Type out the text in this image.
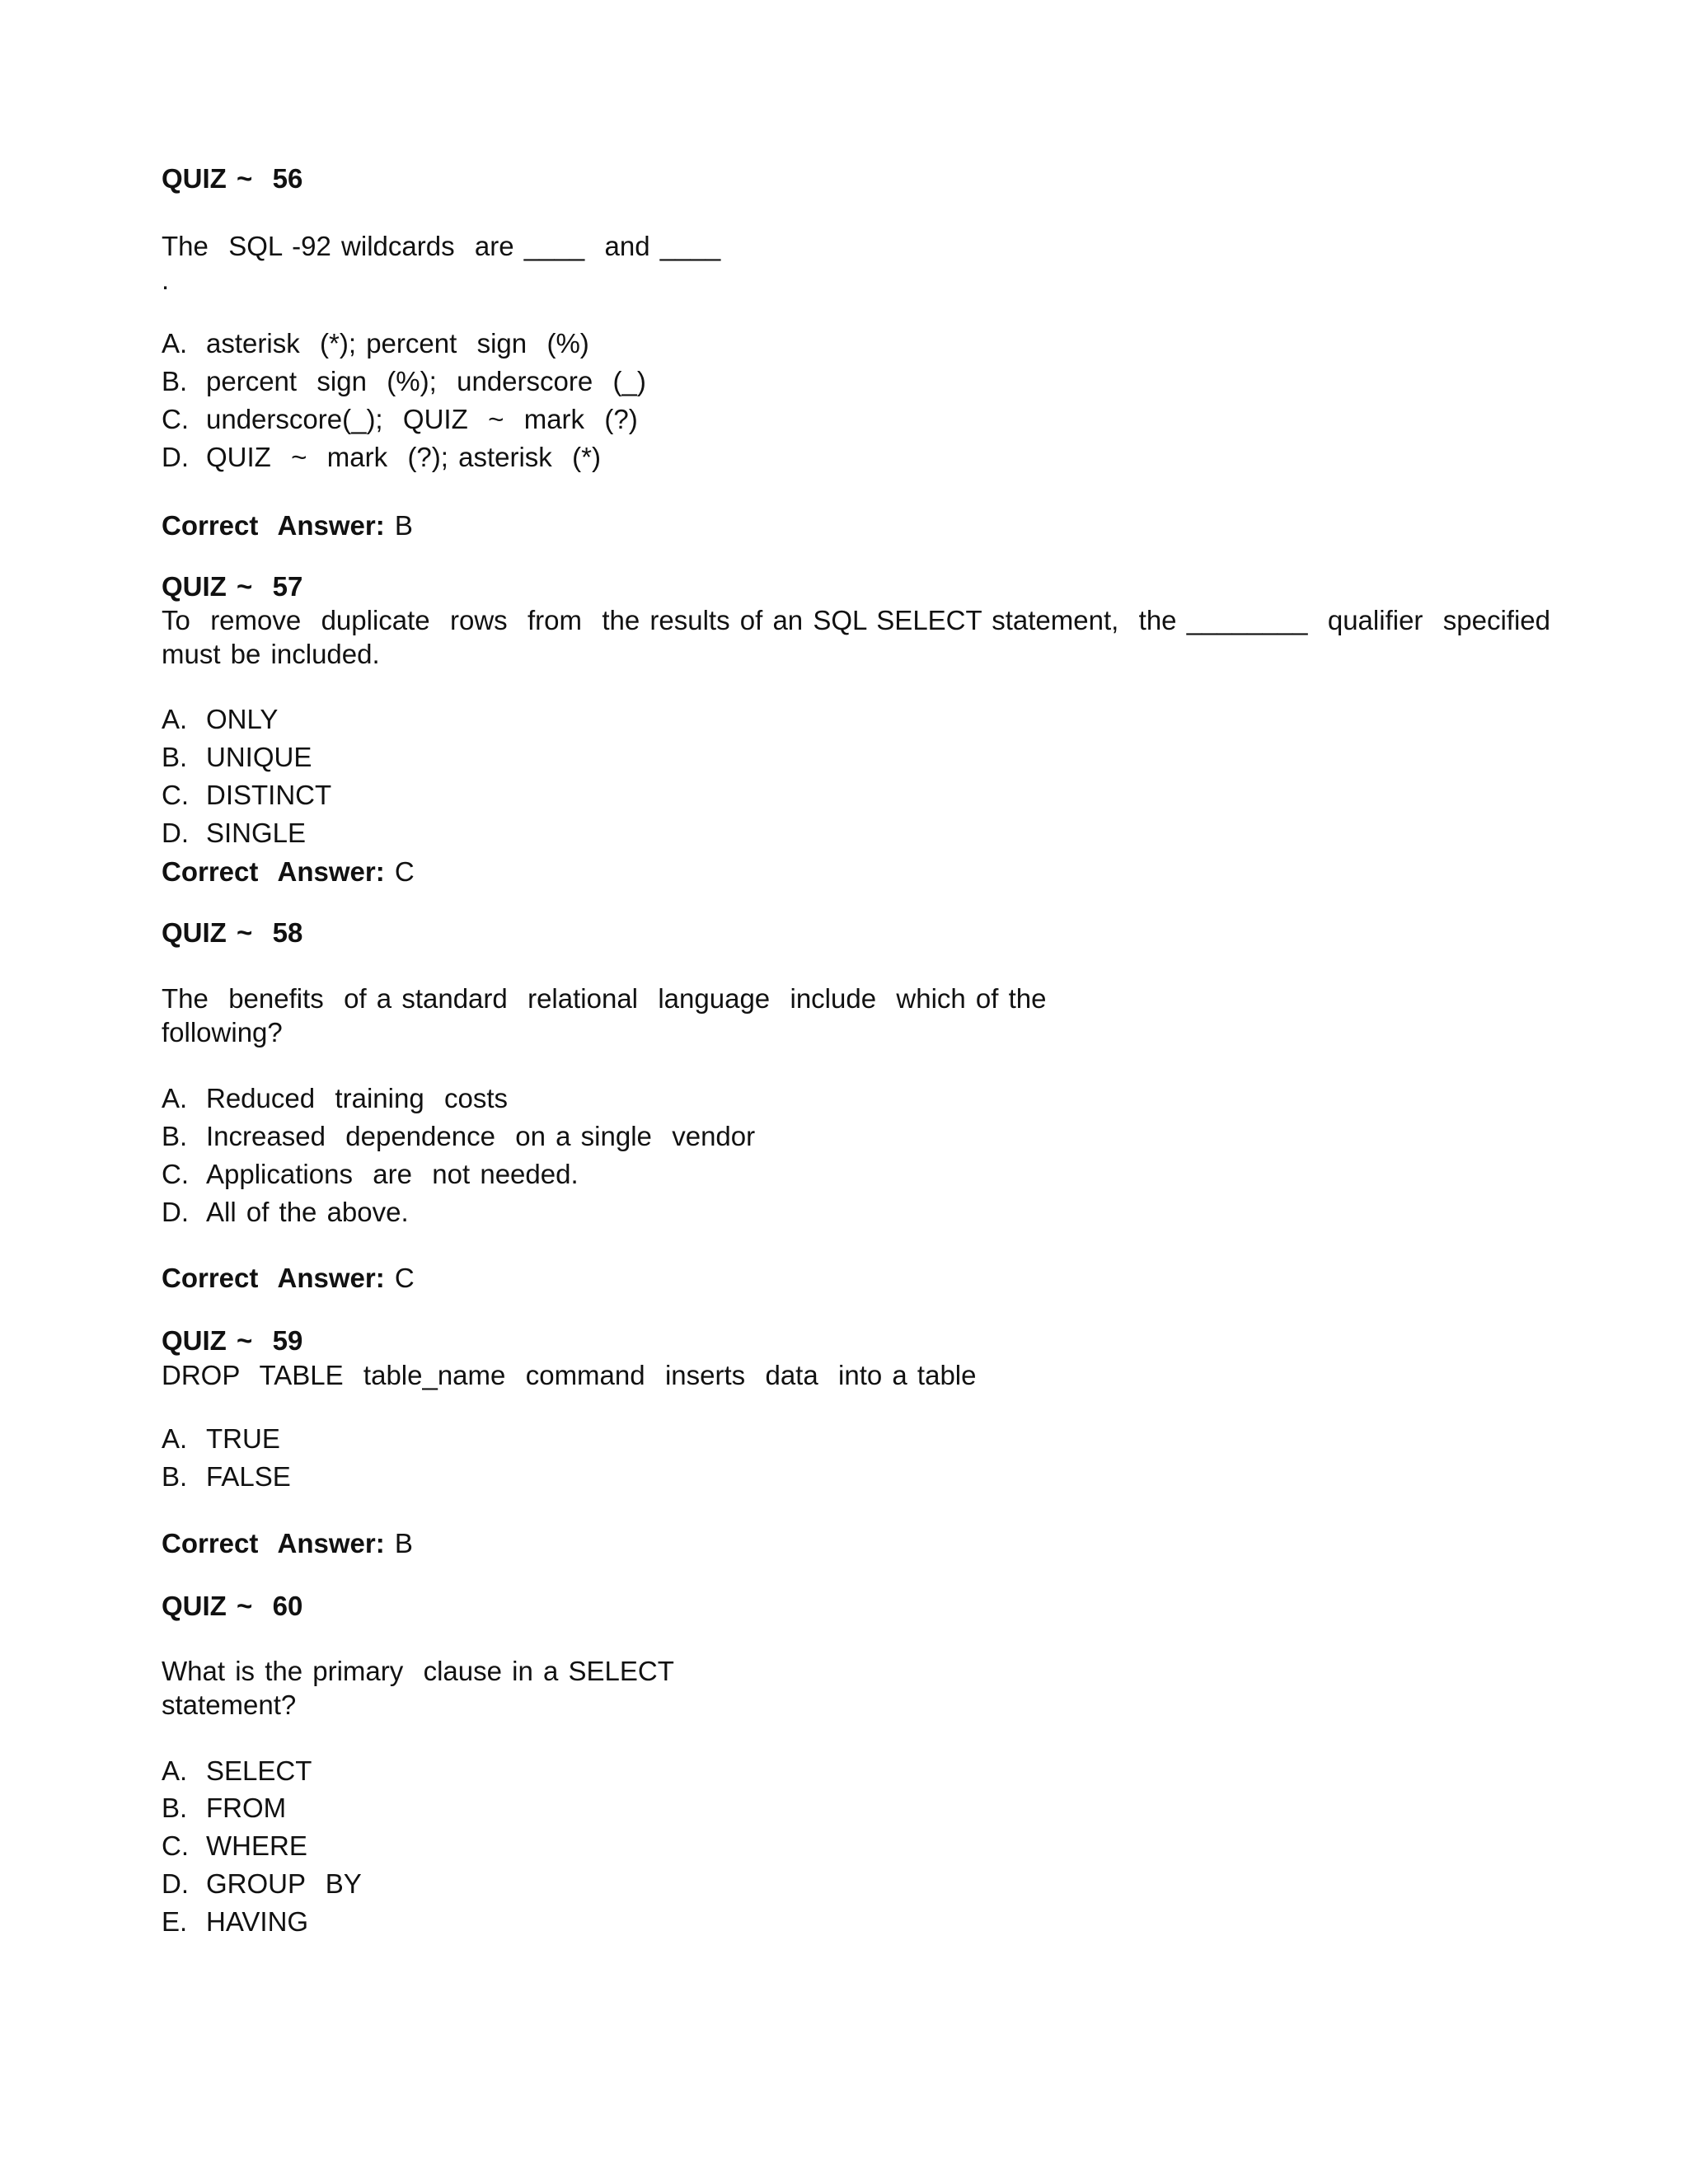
QUIZ ~  56
The  SQL -92 wildcards  are ____  and ____
.
A. asterisk  (*); percent  sign  (%)
B. percent  sign  (%);  underscore  (_)
C. underscore(_);  QUIZ  ~  mark  (?)
D. QUIZ  ~  mark  (?); asterisk  (*)
Correct  Answer: B
QUIZ ~  57
To  remove  duplicate  rows  from  the results of an SQL SELECT statement,  the ________  qualifier  specified
must be included.
A. ONLY
B. UNIQUE
C. DISTINCT
D. SINGLE
Correct  Answer: C
QUIZ ~  58
The  benefits  of a standard  relational  language  include  which of the
following?
A. Reduced  training  costs
B. Increased  dependence  on a single  vendor
C. Applications  are  not needed.
D. All of the above.
Correct  Answer: C
QUIZ ~  59
DROP  TABLE  table_name  command  inserts  data  into a table
A. TRUE
B. FALSE
Correct  Answer: B
QUIZ ~  60
What is the primary  clause in a SELECT
statement?
A. SELECT
B. FROM
C. WHERE
D. GROUP  BY
E. HAVING
